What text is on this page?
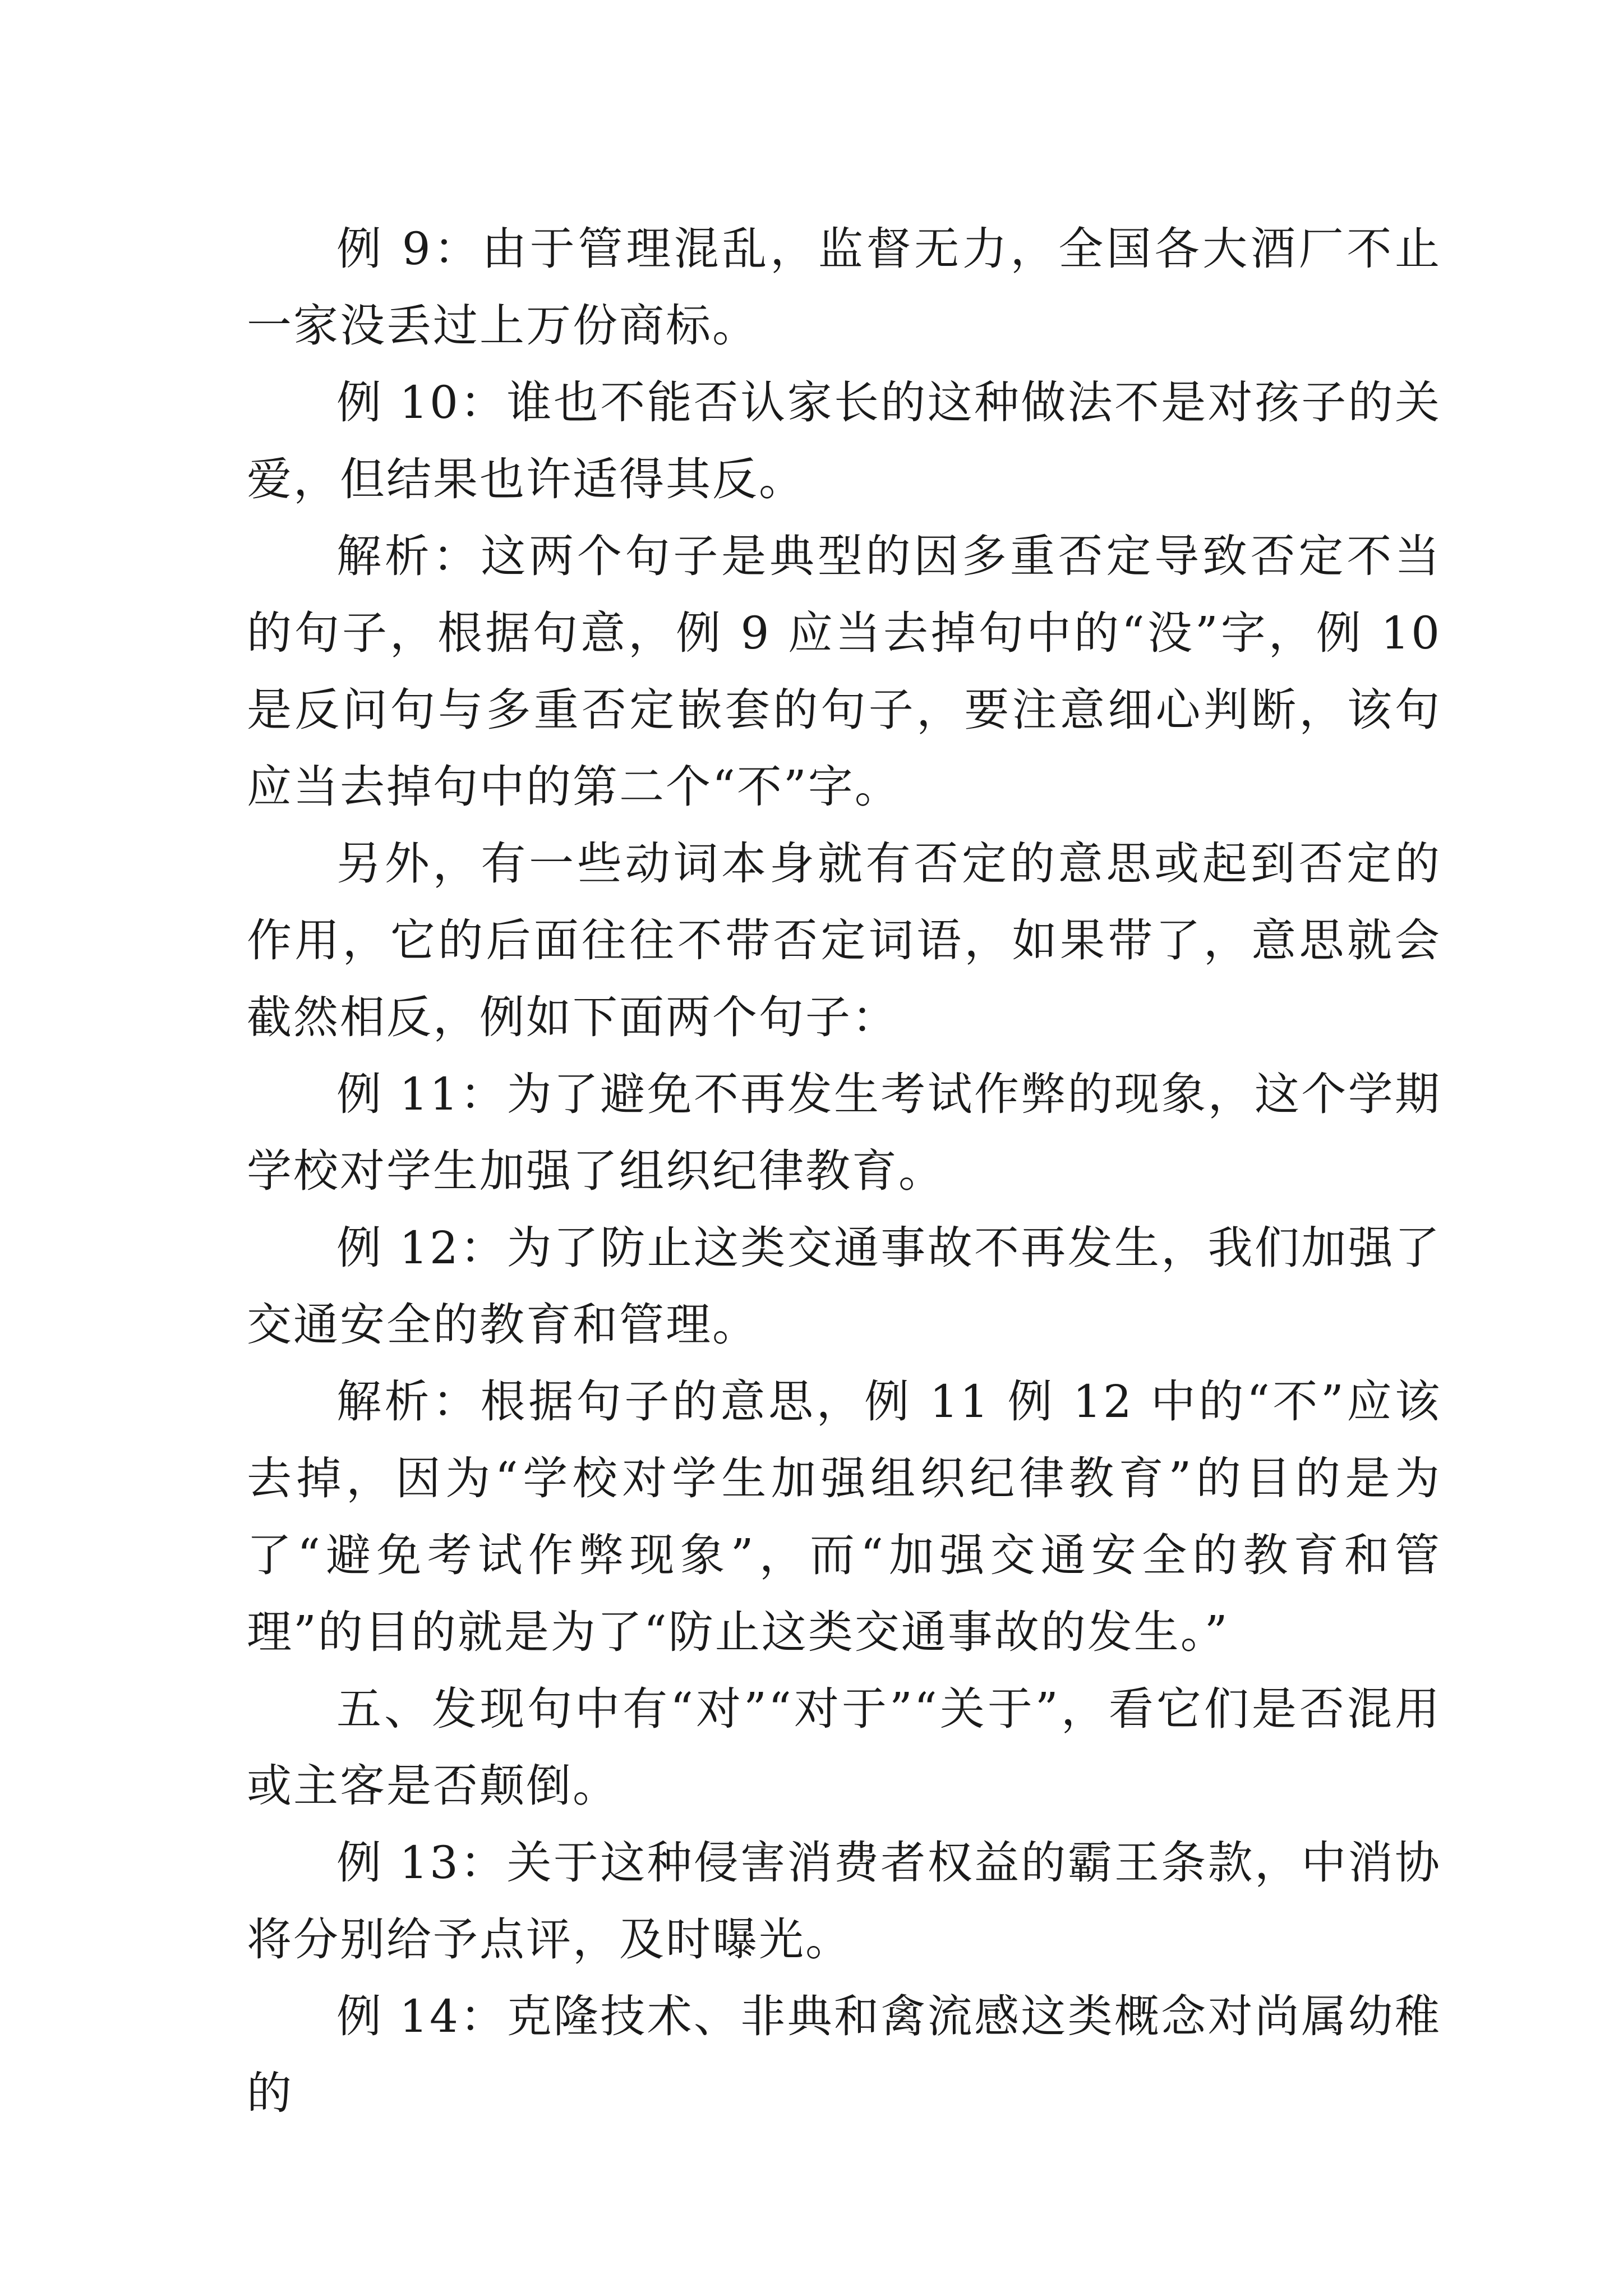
例 9：由于管理混乱，监督无力，全国各大酒厂不止一家没丢过上万份商标。

例 10：谁也不能否认家长的这种做法不是对孩子的关爱，但结果也许适得其反。

解析：这两个句子是典型的因多重否定导致否定不当的句子，根据句意，例 9 应当去掉句中的“没”字，例 10 是反问句与多重否定嵌套的句子，要注意细心判断，该句应当去掉句中的第二个“不”字。

另外，有一些动词本身就有否定的意思或起到否定的作用，它的后面往往不带否定词语，如果带了，意思就会截然相反，例如下面两个句子：

例 11：为了避免不再发生考试作弊的现象，这个学期学校对学生加强了组织纪律教育。

例 12：为了防止这类交通事故不再发生，我们加强了交通安全的教育和管理。

解析：根据句子的意思，例 11 例 12 中的“不”应该去掉，因为“学校对学生加强组织纪律教育”的目的是为了“避免考试作弊现象”，而“加强交通安全的教育和管理”的目的就是为了“防止这类交通事故的发生。”

五、发现句中有“对”“对于”“关于”，看它们是否混用或主客是否颠倒。

例 13：关于这种侵害消费者权益的霸王条款，中消协将分别给予点评，及时曝光。

例 14：克隆技术、非典和禽流感这类概念对尚属幼稚的
